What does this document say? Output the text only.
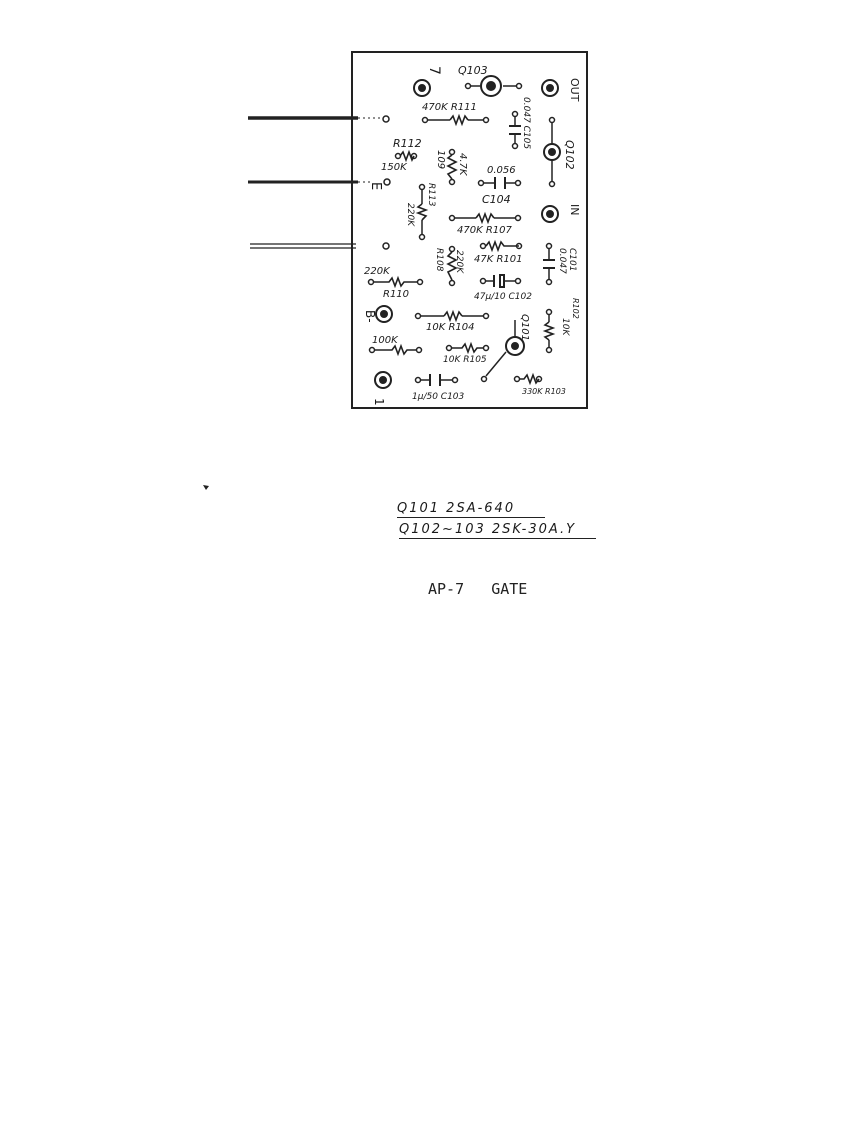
7 Q103
OUT
470K R111	0.047 C105
Q102
R112
150K	109 4.7K 0.056
C104
E	R113
220K	IN
470K R107
47K R101
R108 220K	0.047 C101
220K
R110	47μ/10 C102
B-	Q101
R102
10K
10K R104
100K
10K R105
1	1μ/50 C103
330K R103
Q101 2SA-640
Q102~103 2SK-30A.Y
AP-7   GATE
